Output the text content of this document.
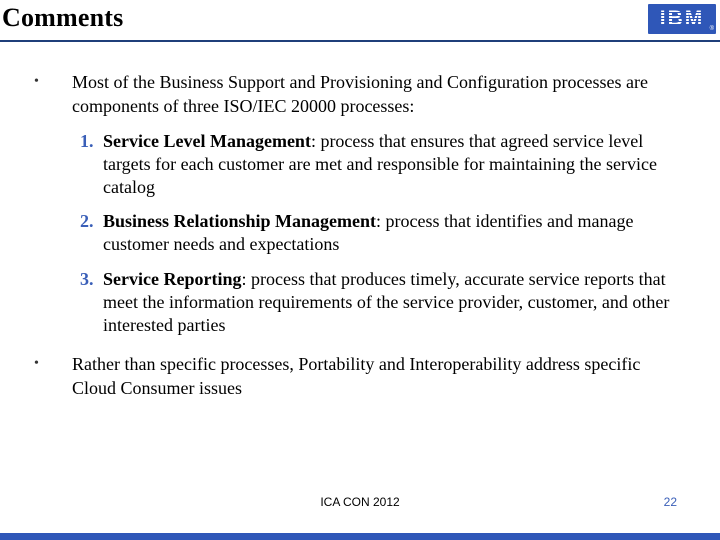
Comments	IBM ®
• Most of the Business Support and Provisioning and Configuration processes are components of three ISO/IEC 20000 processes:
1. Service Level Management: process that ensures that agreed service level targets for each customer are met and responsible for maintaining the service catalog
2. Business Relationship Management: process that identifies and manage customer needs and expectations
3. Service Reporting: process that produces timely, accurate service reports that meet the information requirements of the service provider, customer, and other interested parties
• Rather than specific processes, Portability and Interoperability address specific Cloud Consumer issues
ICA CON 2012	22
